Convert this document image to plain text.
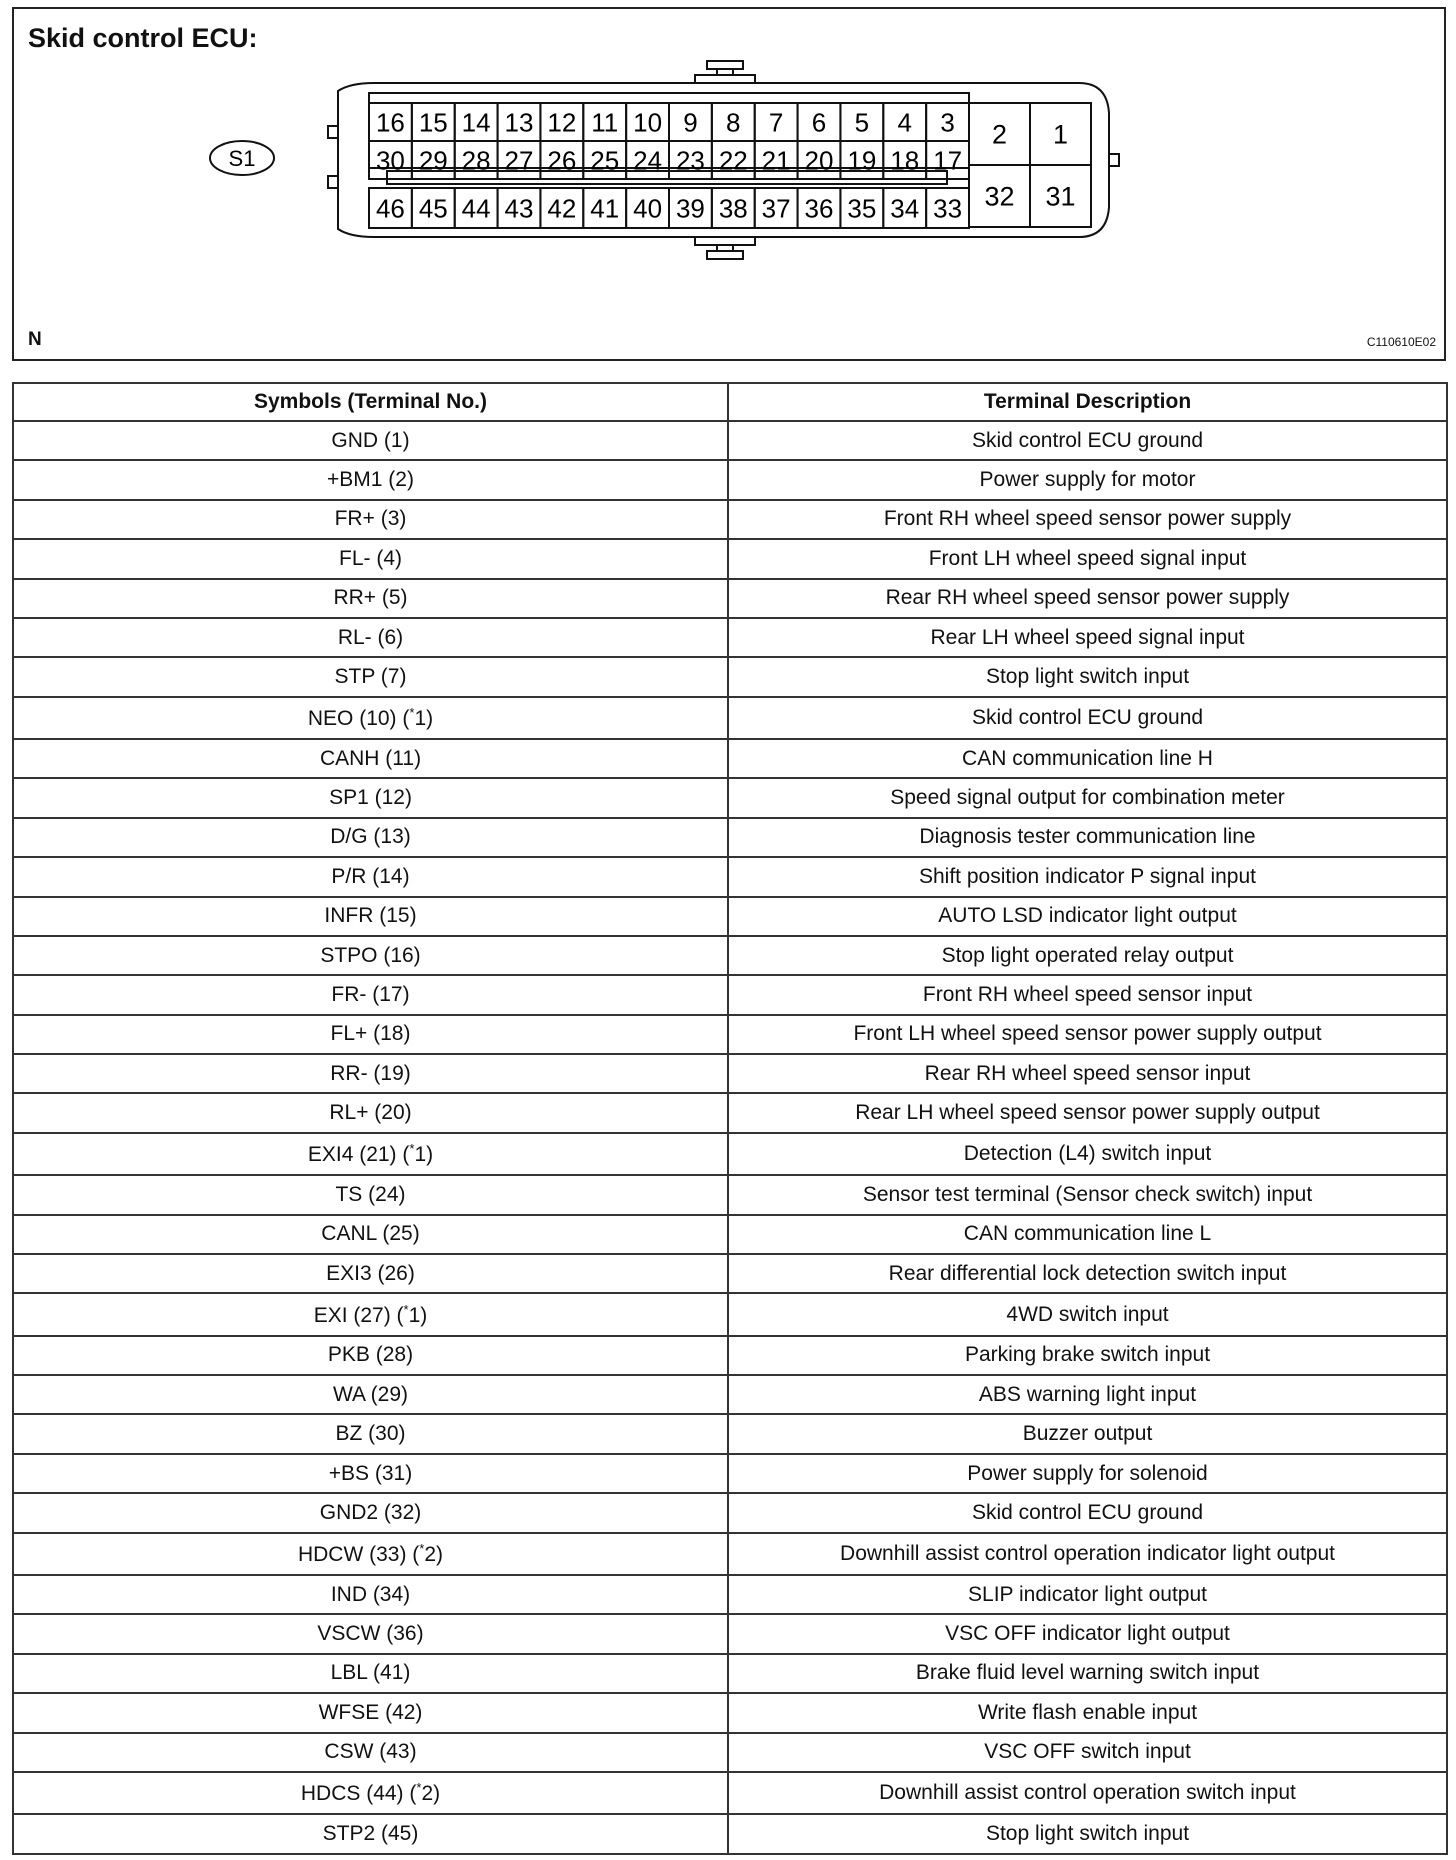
Skid control ECU:
S1
16 15 14 13 12 11 10 9 8 7 6 5 4 3
30 29 28 27 26 25 24 23 22 21 20 19 18 17
46 45 44 43 42 41 40 39 38 37 36 35 34 33
2 1
32 31
N	C110610E02
Symbols (Terminal No.)	Terminal Description
GND (1)	Skid control ECU ground
+BM1 (2)	Power supply for motor
FR+ (3)	Front RH wheel speed sensor power supply
FL- (4)	Front LH wheel speed signal input
RR+ (5)	Rear RH wheel speed sensor power supply
RL- (6)	Rear LH wheel speed signal input
STP (7)	Stop light switch input
NEO (10) (*1)	Skid control ECU ground
CANH (11)	CAN communication line H
SP1 (12)	Speed signal output for combination meter
D/G (13)	Diagnosis tester communication line
P/R (14)	Shift position indicator P signal input
INFR (15)	AUTO LSD indicator light output
STPO (16)	Stop light operated relay output
FR- (17)	Front RH wheel speed sensor input
FL+ (18)	Front LH wheel speed sensor power supply output
RR- (19)	Rear RH wheel speed sensor input
RL+ (20)	Rear LH wheel speed sensor power supply output
EXI4 (21) (*1)	Detection (L4) switch input
TS (24)	Sensor test terminal (Sensor check switch) input
CANL (25)	CAN communication line L
EXI3 (26)	Rear differential lock detection switch input
EXI (27) (*1)	4WD switch input
PKB (28)	Parking brake switch input
WA (29)	ABS warning light input
BZ (30)	Buzzer output
+BS (31)	Power supply for solenoid
GND2 (32)	Skid control ECU ground
HDCW (33) (*2)	Downhill assist control operation indicator light output
IND (34)	SLIP indicator light output
VSCW (36)	VSC OFF indicator light output
LBL (41)	Brake fluid level warning switch input
WFSE (42)	Write flash enable input
CSW (43)	VSC OFF switch input
HDCS (44) (*2)	Downhill assist control operation switch input
STP2 (45)	Stop light switch input
